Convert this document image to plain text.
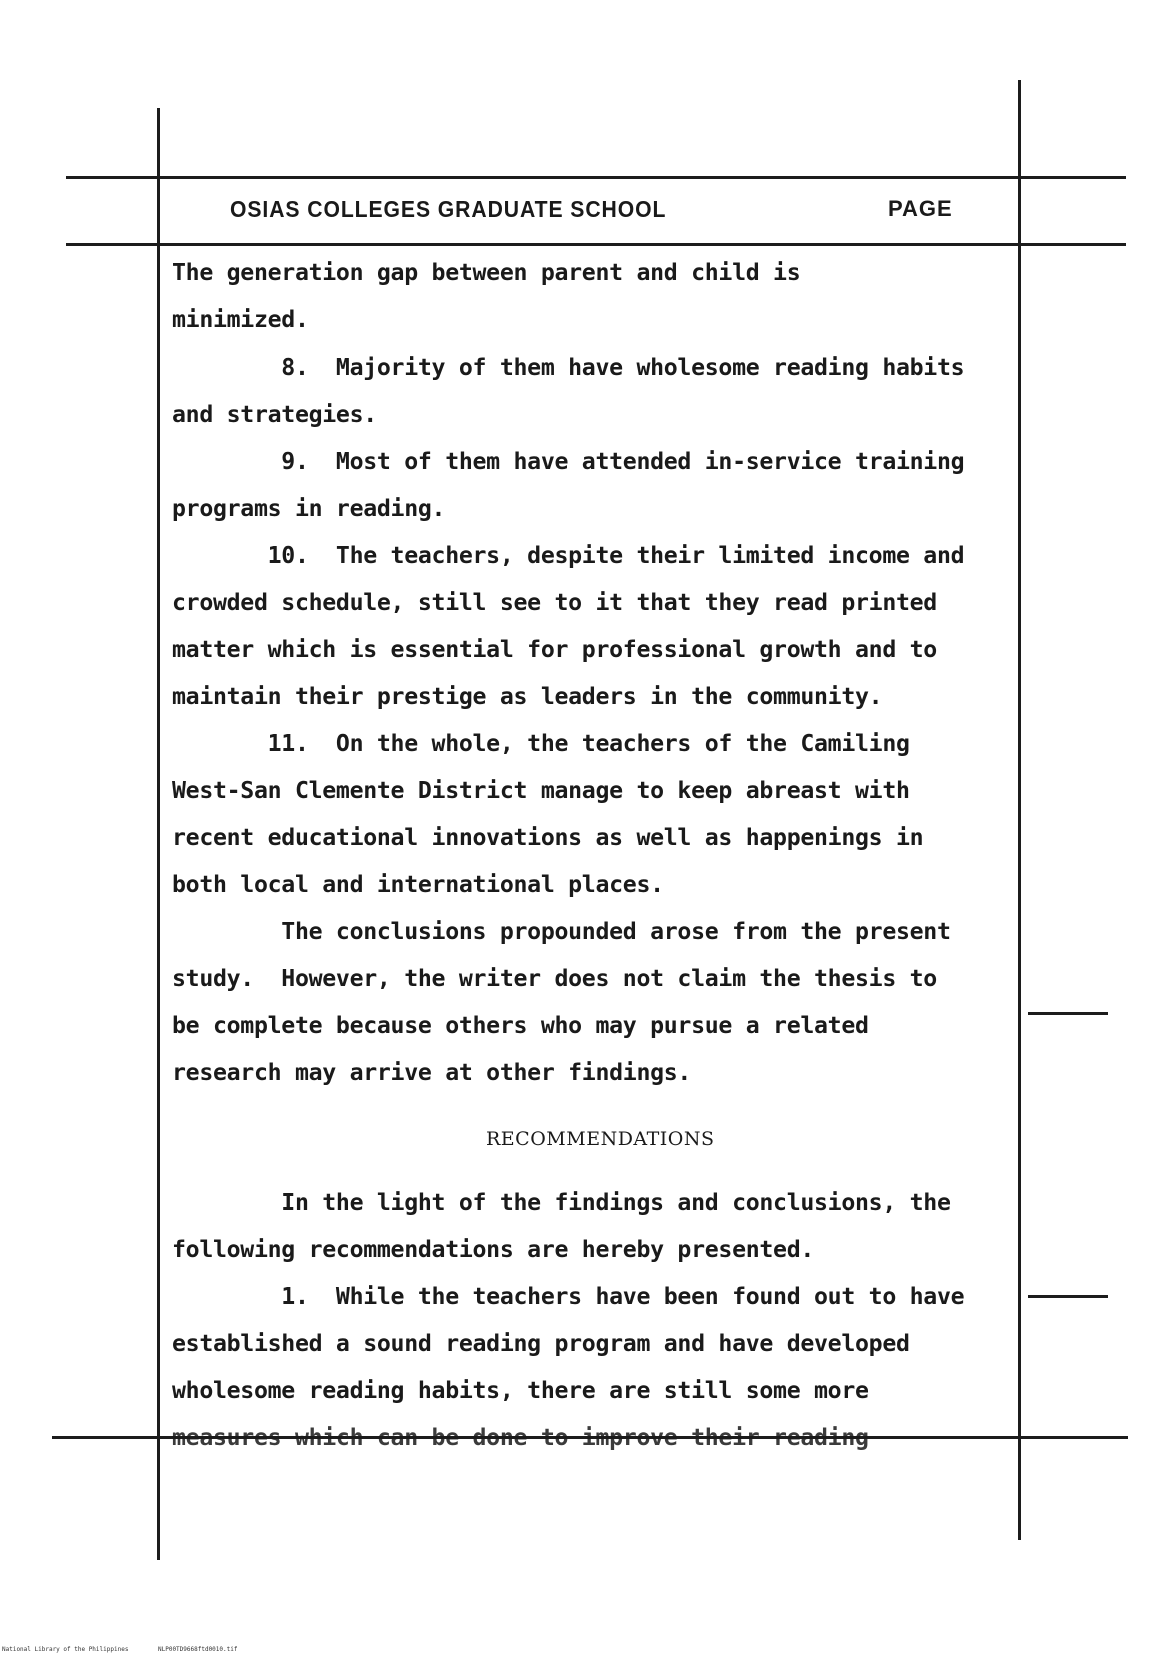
OSIAS COLLEGES GRADUATE SCHOOL	PAGE
The generation gap between parent and child is
minimized.
8.  Majority of them have wholesome reading habits
and strategies.
9.  Most of them have attended in-service training
programs in reading.
10.  The teachers, despite their limited income and
crowded schedule, still see to it that they read printed
matter which is essential for professional growth and to
maintain their prestige as leaders in the community.
11.  On the whole, the teachers of the Camiling
West-San Clemente District manage to keep abreast with
recent educational innovations as well as happenings in
both local and international places.
The conclusions propounded arose from the present
study.  However, the writer does not claim the thesis to
be complete because others who may pursue a related
research may arrive at other findings.
RECOMMENDATIONS
In the light of the findings and conclusions, the
following recommendations are hereby presented.
1.  While the teachers have been found out to have
established a sound reading program and have developed
wholesome reading habits, there are still some more
measures which can be done to improve their reading
National Library of the Philippines	NLP00TD9668ftd0010.tif
